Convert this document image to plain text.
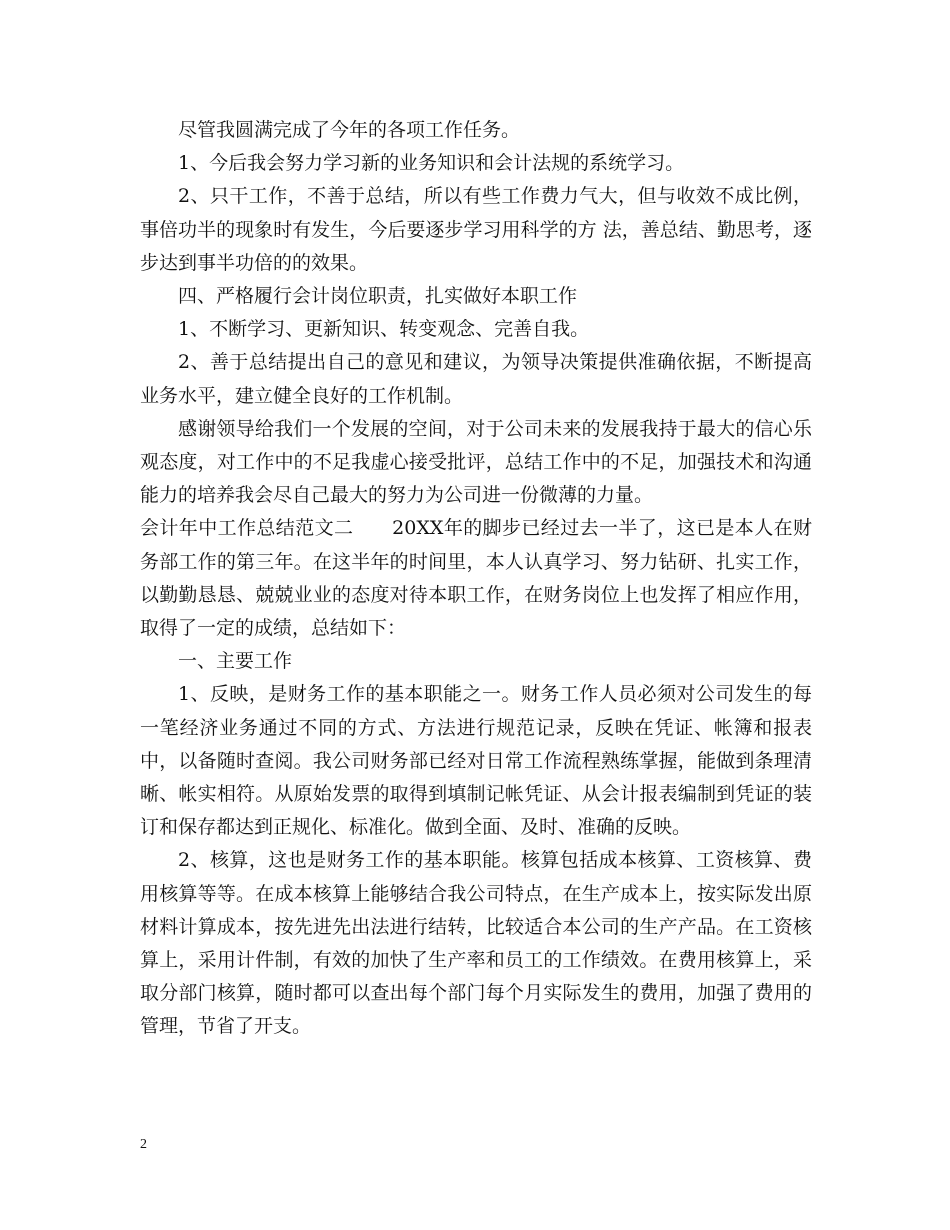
尽管我圆满完成了今年的各项工作任务。

1、今后我会努力学习新的业务知识和会计法规的系统学习。

2、只干工作，不善于总结，所以有些工作费力气大，但与收效不成比例，事倍功半的现象时有发生，今后要逐步学习用科学的方 法，善总结、勤思考，逐步达到事半功倍的的效果。

四、严格履行会计岗位职责，扎实做好本职工作

1、不断学习、更新知识、转变观念、完善自我。

2、善于总结提出自己的意见和建议，为领导决策提供准确依据，不断提高业务水平，建立健全良好的工作机制。

感谢领导给我们一个发展的空间，对于公司未来的发展我持于最大的信心乐观态度，对工作中的不足我虚心接受批评，总结工作中的不足，加强技术和沟通能力的培养我会尽自己最大的努力为公司进一份微薄的力量。

会计年中工作总结范文二　　20XX年的脚步已经过去一半了，这已是本人在财务部工作的第三年。在这半年的时间里，本人认真学习、努力钻研、扎实工作，以勤勤恳恳、兢兢业业的态度对待本职工作，在财务岗位上也发挥了相应作用，取得了一定的成绩，总结如下：

一、主要工作

1、反映，是财务工作的基本职能之一。财务工作人员必须对公司发生的每一笔经济业务通过不同的方式、方法进行规范记录，反映在凭证、帐簿和报表中，以备随时查阅。我公司财务部已经对日常工作流程熟练掌握，能做到条理清晰、帐实相符。从原始发票的取得到填制记帐凭证、从会计报表编制到凭证的装订和保存都达到正规化、标准化。做到全面、及时、准确的反映。

2、核算，这也是财务工作的基本职能。核算包括成本核算、工资核算、费用核算等等。在成本核算上能够结合我公司特点，在生产成本上，按实际发出原材料计算成本，按先进先出法进行结转，比较适合本公司的生产产品。在工资核算上，采用计件制，有效的加快了生产率和员工的工作绩效。在费用核算上，采取分部门核算，随时都可以查出每个部门每个月实际发生的费用，加强了费用的管理，节省了开支。

2
